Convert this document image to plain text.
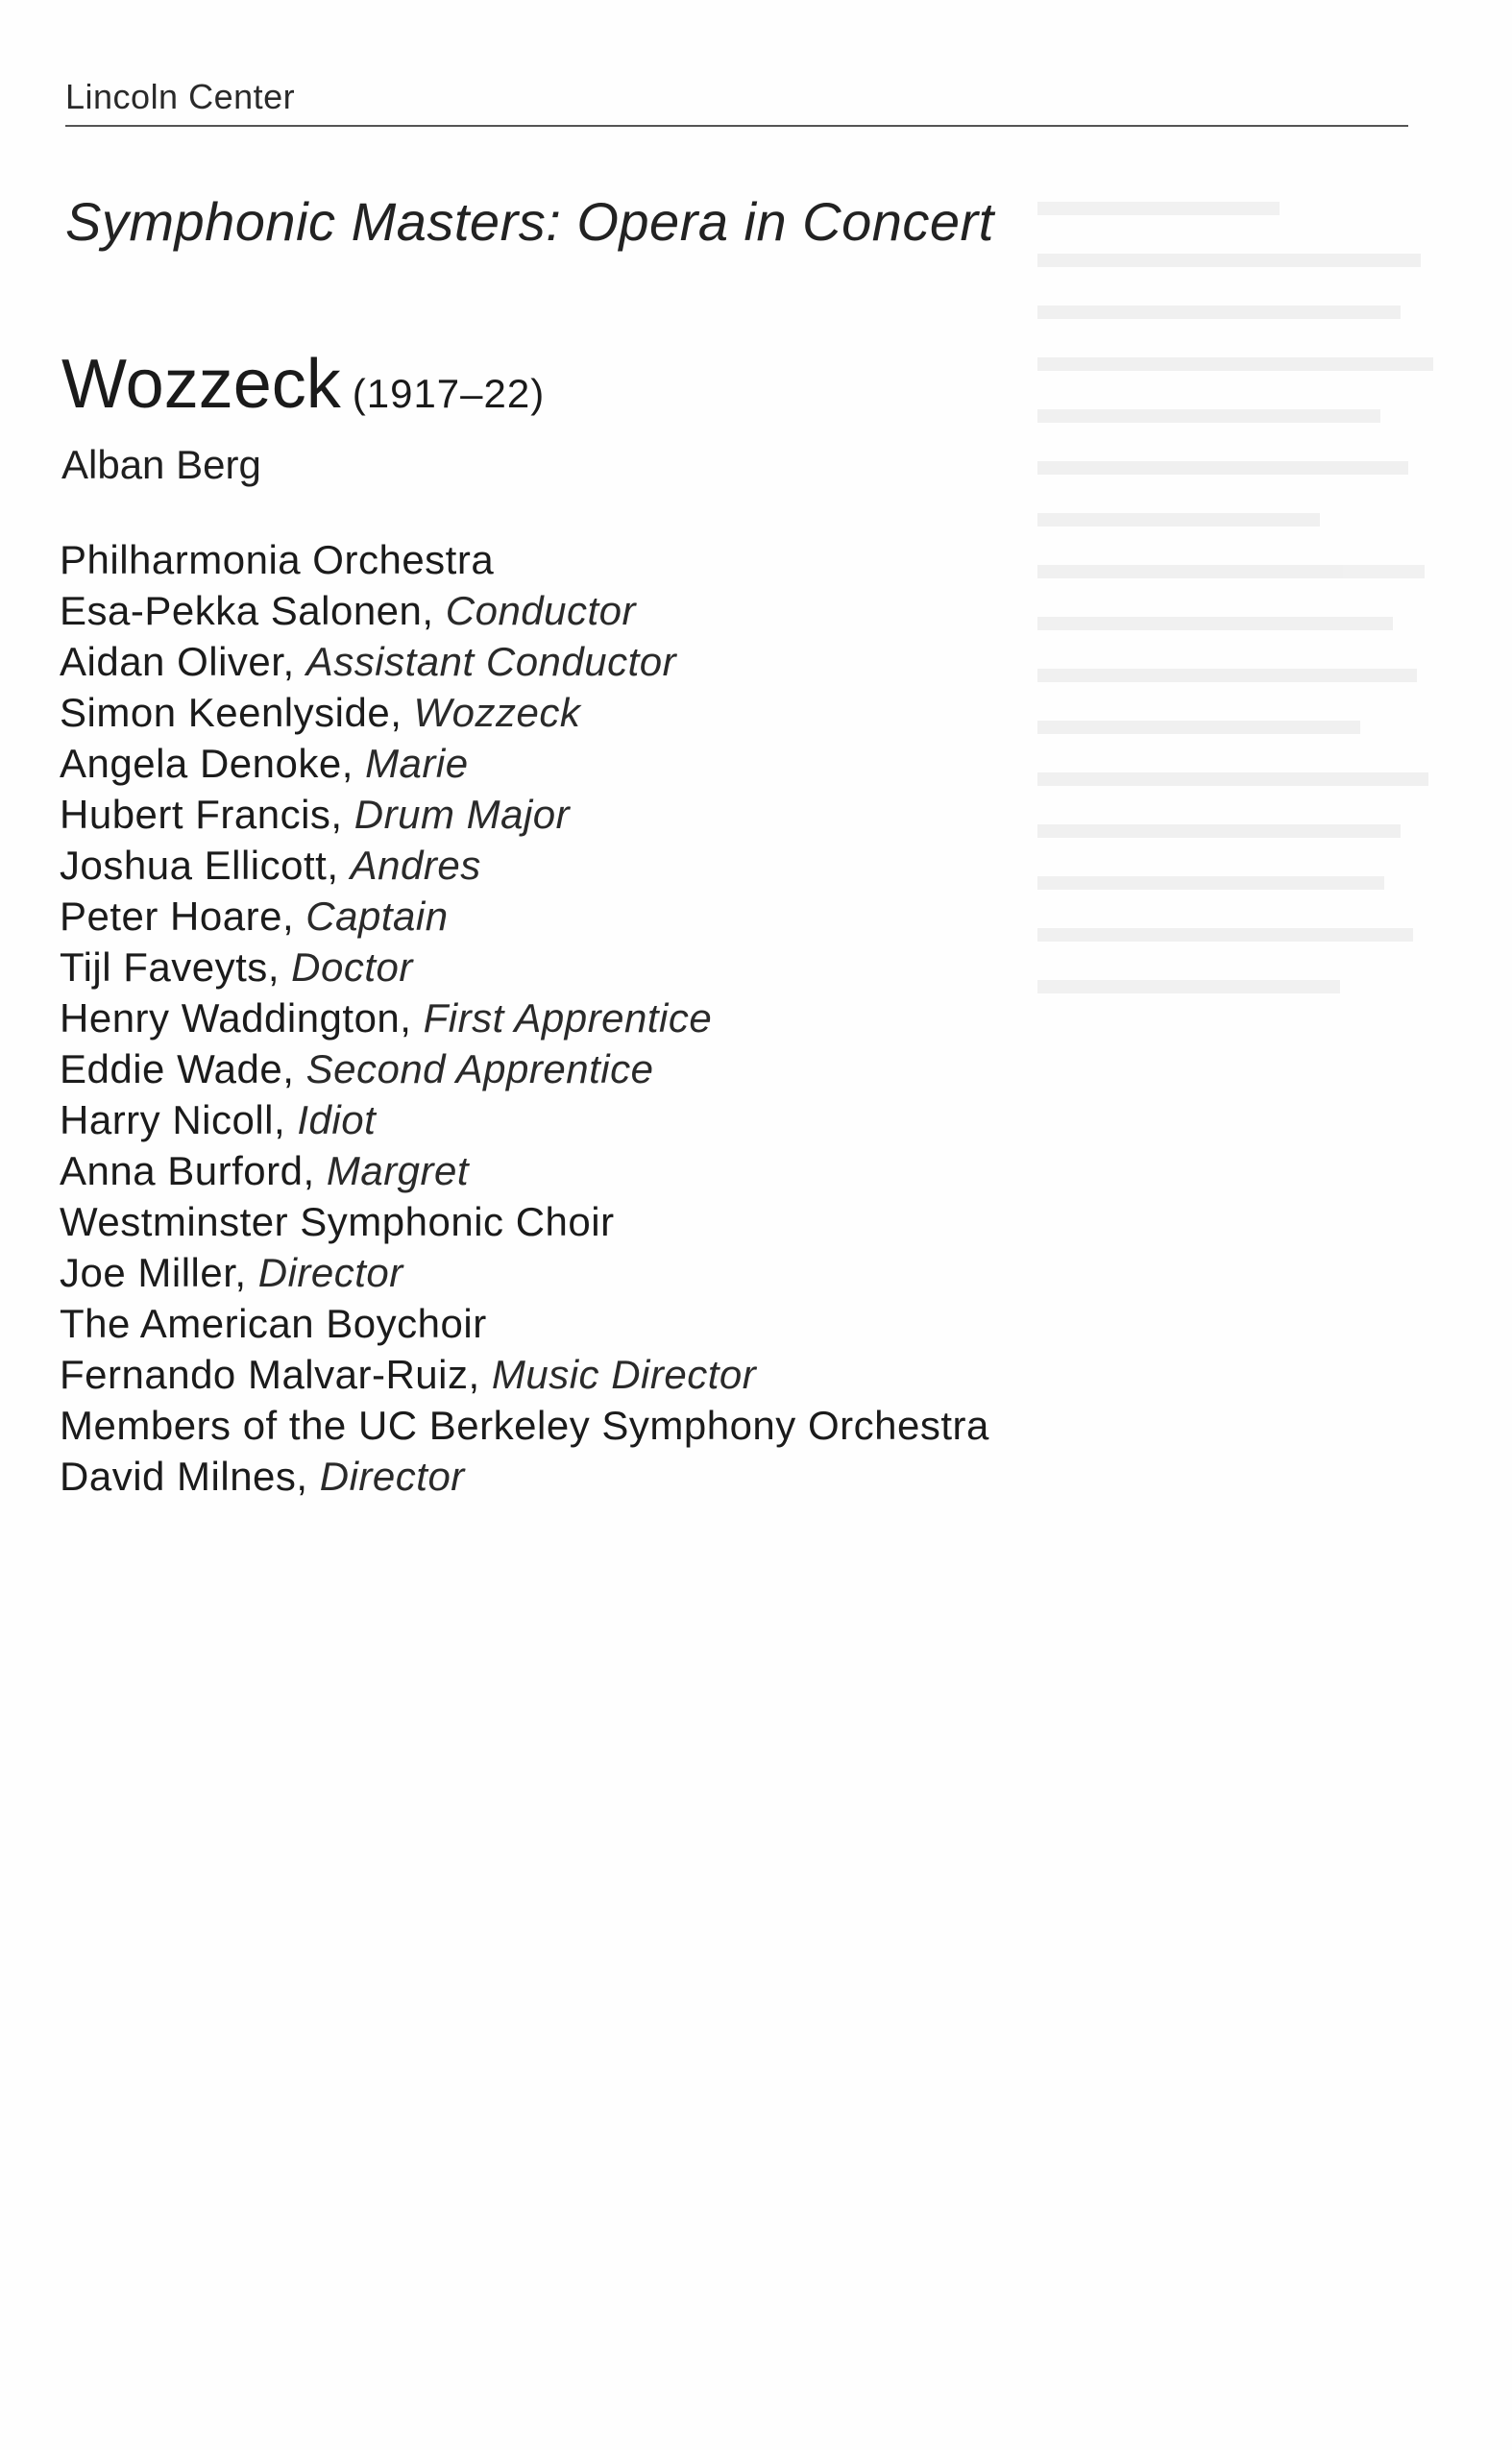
Lincoln Center
Symphonic Masters: Opera in Concert
Wozzeck (1917–22)
Alban Berg
Philharmonia Orchestra
Esa-Pekka Salonen, Conductor
Aidan Oliver, Assistant Conductor
Simon Keenlyside, Wozzeck
Angela Denoke, Marie
Hubert Francis, Drum Major
Joshua Ellicott, Andres
Peter Hoare, Captain
Tijl Faveyts, Doctor
Henry Waddington, First Apprentice
Eddie Wade, Second Apprentice
Harry Nicoll, Idiot
Anna Burford, Margret
Westminster Symphonic Choir
Joe Miller, Director
The American Boychoir
Fernando Malvar-Ruiz, Music Director
Members of the UC Berkeley Symphony Orchestra
David Milnes, Director
